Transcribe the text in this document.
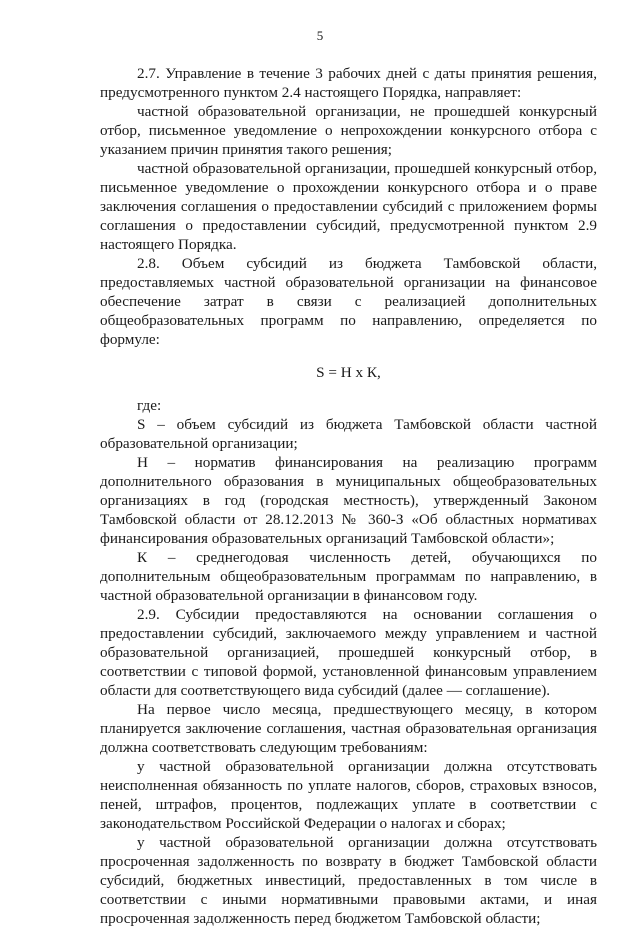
5

2.7. Управление в течение 3 рабочих дней с даты принятия решения, предусмотренного пунктом 2.4 настоящего Порядка, направляет:

частной образовательной организации, не прошедшей конкурсный отбор, письменное уведомление о непрохождении конкурсного отбора с указанием причин принятия такого решения;

частной образовательной организации, прошедшей конкурсный отбор, письменное уведомление о прохождении конкурсного отбора и о праве заключения соглашения о предоставлении субсидий с приложением формы соглашения о предоставлении субсидий, предусмотренной пунктом 2.9 настоящего Порядка.

2.8. Объем субсидий из бюджета Тамбовской области, предоставляемых частной образовательной организации на финансовое обеспечение затрат в связи с реализацией дополнительных общеобразовательных программ по направлению, определяется по формуле:

S = Н х К,

где:

S – объем субсидий из бюджета Тамбовской области частной образовательной организации;

Н – норматив финансирования на реализацию программ дополнительного образования в муниципальных общеобразовательных организациях в год (городская местность), утвержденный Законом Тамбовской области от 28.12.2013 № 360-З «Об областных нормативах финансирования образовательных организаций Тамбовской области»;

К – среднегодовая численность детей, обучающихся по дополнительным общеобразовательным программам по направлению, в частной образовательной организации в финансовом году.

2.9. Субсидии предоставляются на основании соглашения о предоставлении субсидий, заключаемого между управлением и частной образовательной организацией, прошедшей конкурсный отбор, в соответствии с типовой формой, установленной финансовым управлением области для соответствующего вида субсидий (далее — соглашение).

На первое число месяца, предшествующего месяцу, в котором планируется заключение соглашения, частная образовательная организация должна соответствовать следующим требованиям:

у частной образовательной организации должна отсутствовать неисполненная обязанность по уплате налогов, сборов, страховых взносов, пеней, штрафов, процентов, подлежащих уплате в соответствии с законодательством Российской Федерации о налогах и сборах;

у частной образовательной организации должна отсутствовать просроченная задолженность по возврату в бюджет Тамбовской области субсидий, бюджетных инвестиций, предоставленных в том числе в соответствии с иными нормативными правовыми актами, и иная просроченная задолженность перед бюджетом Тамбовской области;
